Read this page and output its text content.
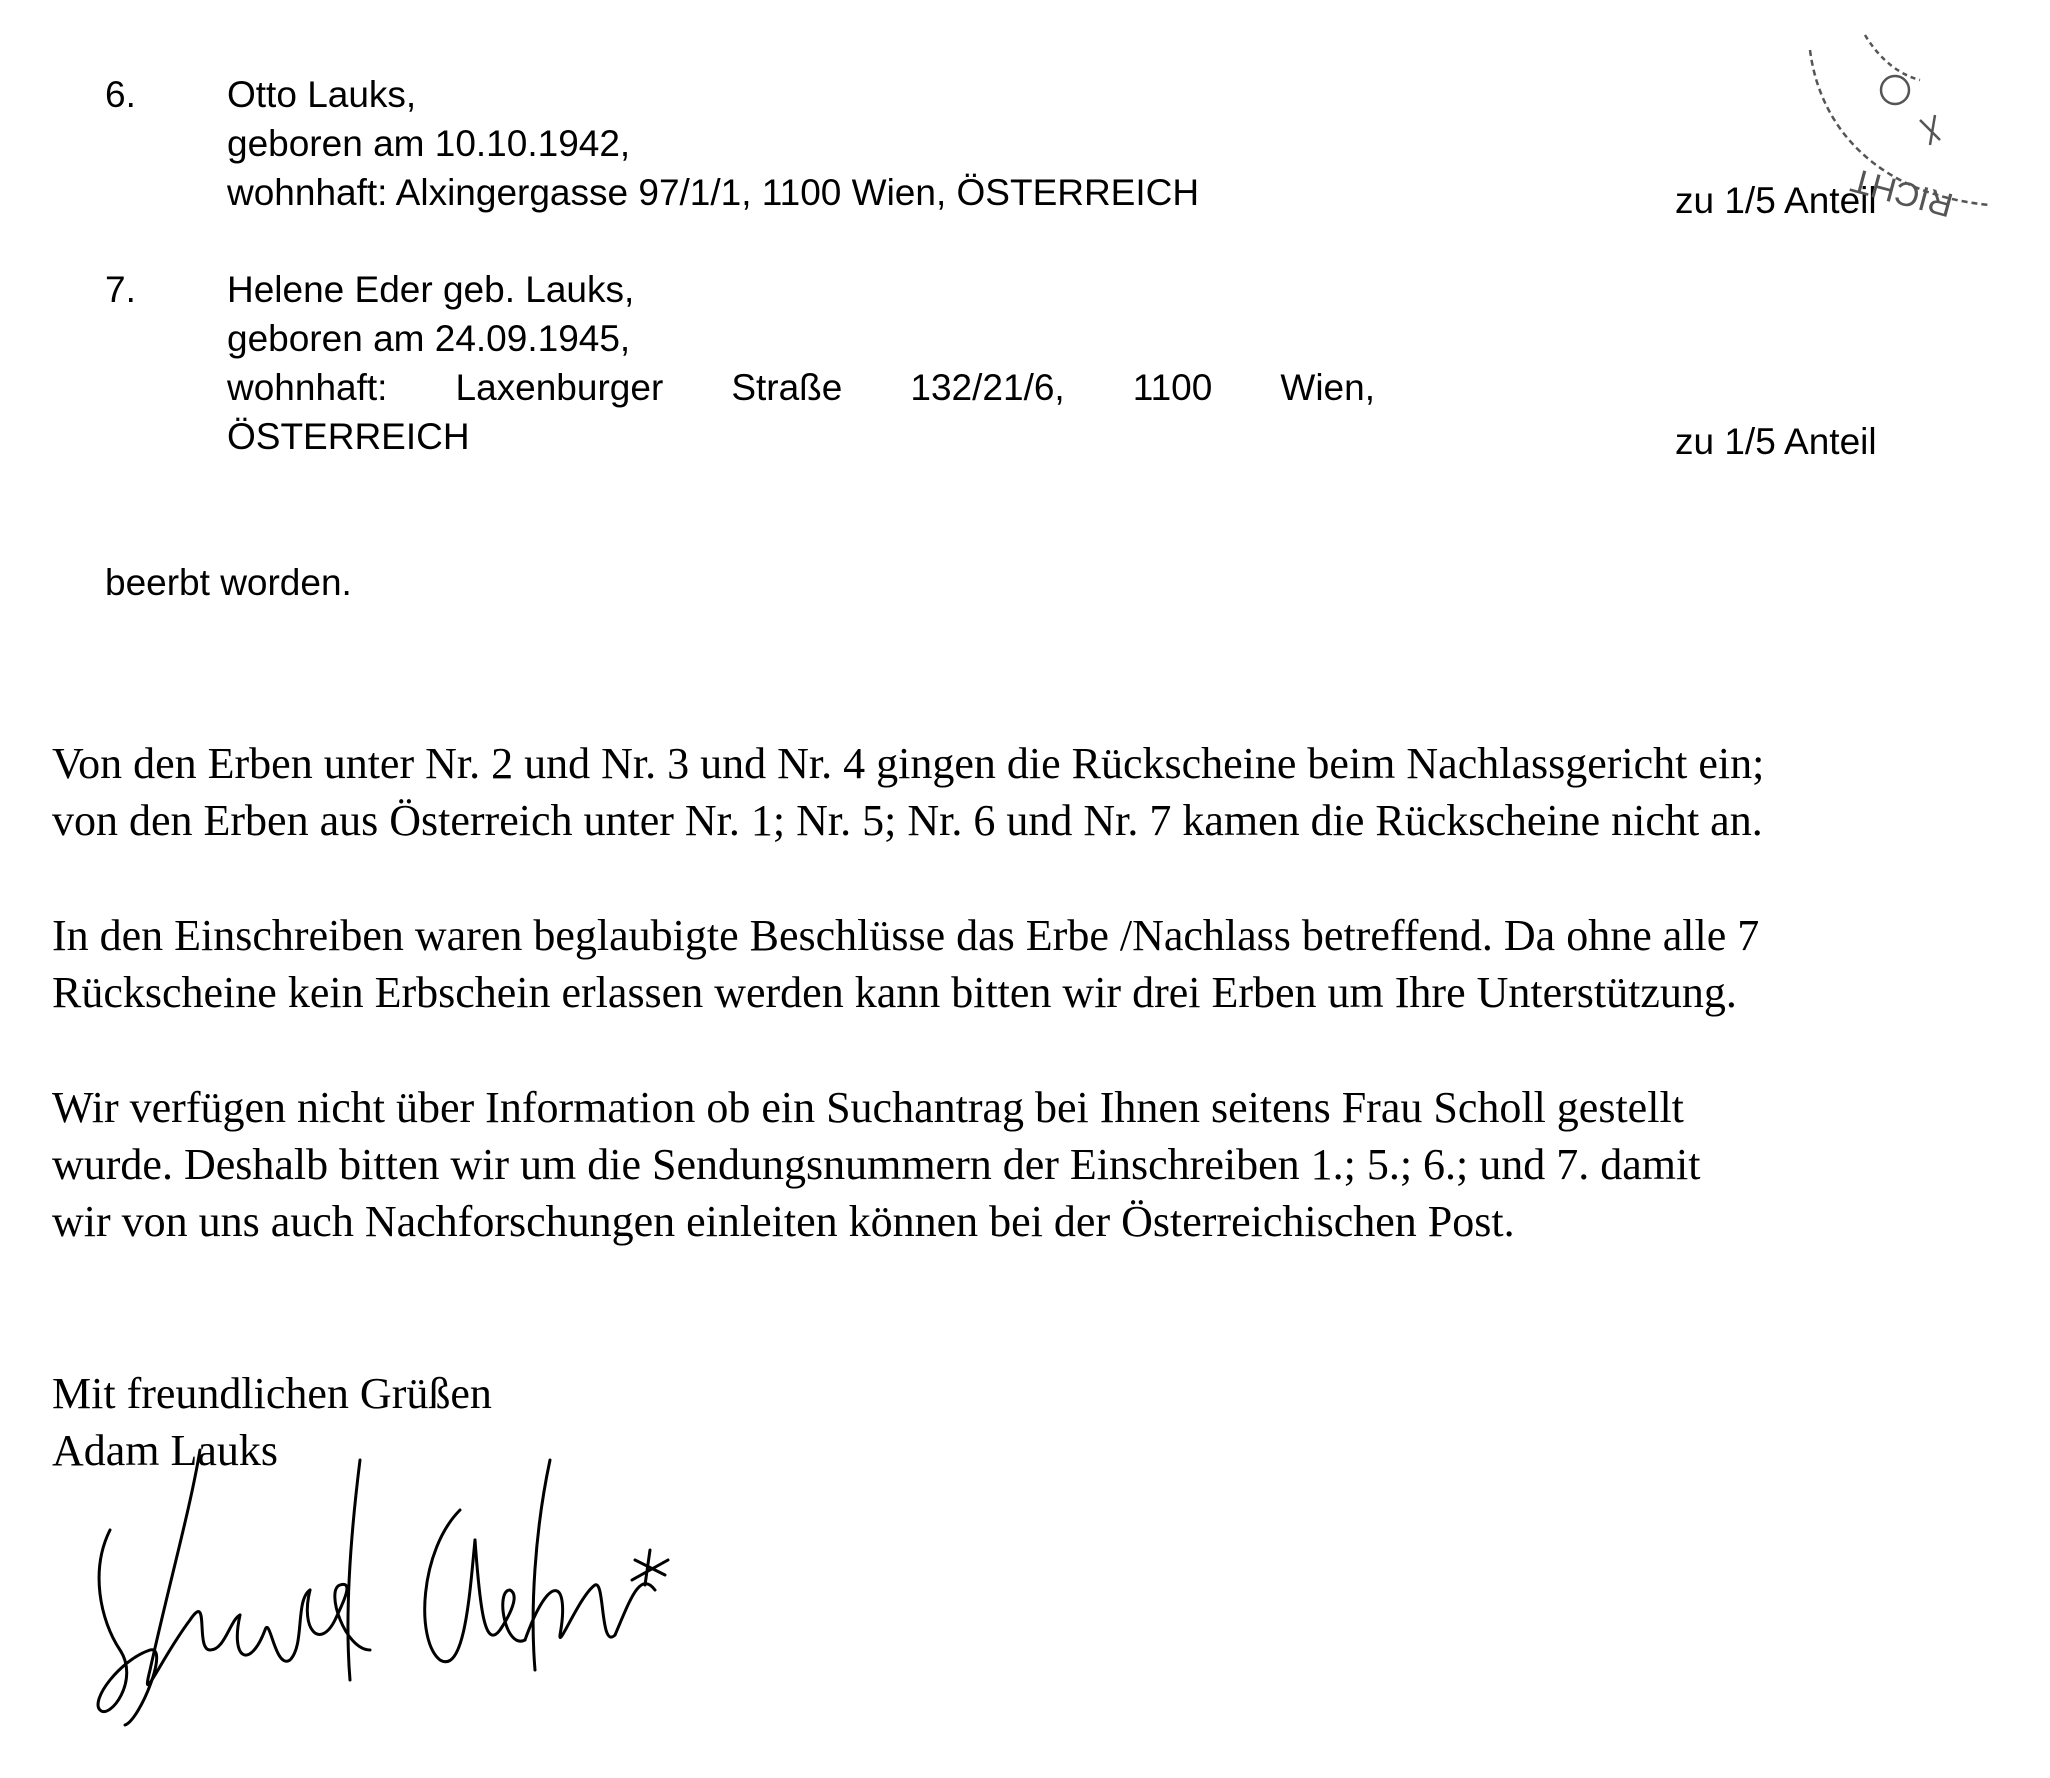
6. Otto Lauks,
geboren am 10.10.1942,
wohnhaft: Alxingergasse 97/1/1, 1100 Wien, ÖSTERREICH	zu 1/5 Anteil
7. Helene Eder geb. Lauks,
geboren am 24.09.1945,
wohnhaft: Laxenburger Straße 132/21/6, 1100 Wien,
ÖSTERREICH	zu 1/5 Anteil
beerbt worden.

Von den Erben unter Nr. 2 und Nr. 3 und Nr. 4 gingen die Rückscheine beim Nachlassgericht ein;

von den Erben aus Österreich unter Nr. 1; Nr. 5; Nr. 6 und Nr. 7 kamen die Rückscheine nicht an.

In den Einschreiben waren beglaubigte Beschlüsse das Erbe /Nachlass betreffend. Da ohne alle 7

Rückscheine kein Erbschein erlassen werden kann bitten wir drei Erben um Ihre Unterstützung.

Wir verfügen nicht über Information ob ein Suchantrag bei Ihnen seitens Frau Scholl gestellt

wurde. Deshalb bitten wir um die Sendungsnummern der Einschreiben 1.; 5.; 6.; und 7. damit

wir von uns auch Nachforschungen einleiten können bei der Österreichischen Post.

Mit freundlichen Grüßen
Adam Lauks
RICHT
